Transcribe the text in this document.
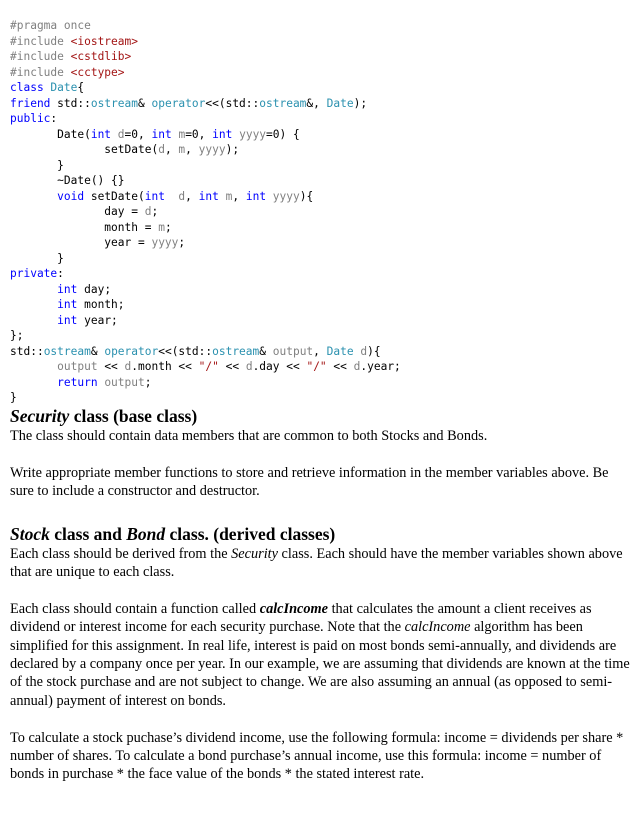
#pragma once
#include <iostream>
#include <cstdlib>
#include <cctype>
class Date{
friend std::ostream& operator<<(std::ostream&, Date);
public:
Date(int d=0, int m=0, int yyyy=0) {
setDate(d, m, yyyy);
}
~Date() {}
void setDate(int  d, int m, int yyyy){
day = d;
month = m;
year = yyyy;
}
private:
int day;
int month;
int year;
};
std::ostream& operator<<(std::ostream& output, Date d){
output << d.month << "/" << d.day << "/" << d.year;
return output;
}
Security class (base class)

The class should contain data members that are common to both Stocks and Bonds.

Write appropriate member functions to store and retrieve information in the member variables above. Be sure to include a constructor and destructor.

Stock class and Bond class. (derived classes)

Each class should be derived from the Security class. Each should have the member variables shown above that are unique to each class.

Each class should contain a function called calcIncome that calculates the amount a client receives as dividend or interest income for each security purchase. Note that the calcIncome algorithm has been simplified for this assignment. In real life, interest is paid on most bonds semi-annually, and dividends are declared by a company once per year. In our example, we are assuming that dividends are known at the time of the stock purchase and are not subject to change. We are also assuming an annual (as opposed to semi-annual) payment of interest on bonds.

To calculate a stock puchase’s dividend income, use the following formula: income = dividends per share * number of shares. To calculate a bond purchase’s annual income, use this formula: income = number of bonds in purchase * the face value of the bonds * the stated interest rate.
